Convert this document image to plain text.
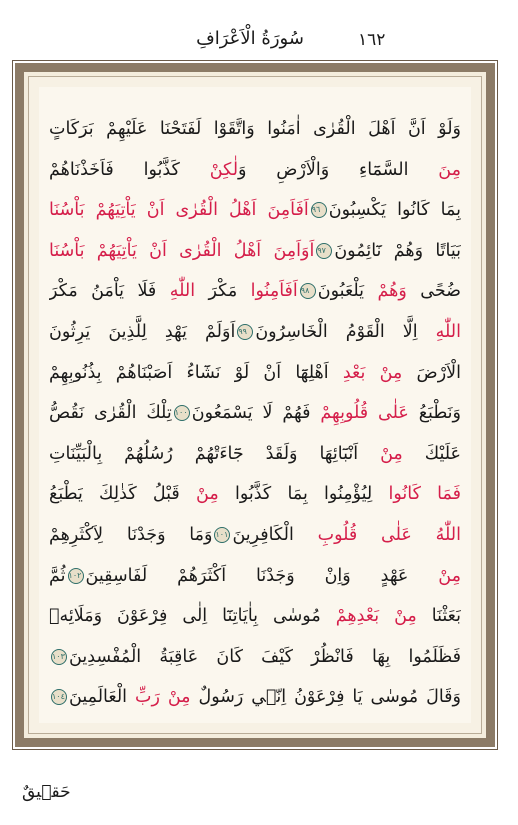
١٦٢
سُورَةُ الْاَعْرَافِ
وَلَوْ اَنَّ اَهْلَ الْقُرٰى اٰمَنُوا وَاتَّقَوْا لَفَتَحْنَا عَلَيْهِمْ بَرَكَاتٍ
مِنَ السَّمَٓاءِ وَالْاَرْضِ وَلٰكِنْ كَذَّبُوا فَاَخَذْنَاهُمْ
بِمَا كَانُوا يَكْسِبُونَ٩٦اَفَاَمِنَ اَهْلُ الْقُرٰى اَنْ يَاْتِيَهُمْ بَاْسُنَا
بَيَاتًا وَهُمْ نَٓائِمُونَ٩٧اَوَاَمِنَ اَهْلُ الْقُرٰى اَنْ يَاْتِيَهُمْ بَاْسُنَا
ضُحًى وَهُمْ يَلْعَبُونَ٩٨اَفَاَمِنُوا مَكْرَ اللّٰهِ فَلَا يَاْمَنُ مَكْرَ
اللّٰهِ اِلَّا الْقَوْمُ الْخَاسِرُونَ٩٩اَوَلَمْ يَهْدِ لِلَّذِينَ يَرِثُونَ
الْاَرْضَ مِنْ بَعْدِ اَهْلِهَٓا اَنْ لَوْ نَشَٓاءُ اَصَبْنَاهُمْ بِذُنُوبِهِمْ
وَنَطْبَعُ عَلٰى قُلُوبِهِمْ فَهُمْ لَا يَسْمَعُونَ١٠٠تِلْكَ الْقُرٰى نَقُصُّ
عَلَيْكَ مِنْ اَنْبَٓائِهَا وَلَقَدْ جَٓاءَتْهُمْ رُسُلُهُمْ بِالْبَيِّنَاتِ
فَمَا كَانُوا لِيُؤْمِنُوا بِمَا كَذَّبُوا مِنْ قَبْلُ كَذٰلِكَ يَطْبَعُ
اللّٰهُ عَلٰى قُلُوبِ الْكَافِرِينَ١٠١وَمَا وَجَدْنَا لِاَكْثَرِهِمْ
مِنْ عَهْدٍ وَاِنْ وَجَدْنَا اَكْثَرَهُمْ لَفَاسِقِينَ١٠٢ثُمَّ
بَعَثْنَا مِنْ بَعْدِهِمْ مُوسٰى بِاٰيَاتِنَٓا اِلٰى فِرْعَوْنَ وَمَلَائِه۪
فَظَلَمُوا بِهَا فَانْظُرْ كَيْفَ كَانَ عَاقِبَةُ الْمُفْسِدِينَ١٠٣
وَقَالَ مُوسٰى يَا فِرْعَوْنُ اِنّ۪ي رَسُولٌ مِنْ رَبِّ الْعَالَمِينَ١٠٤
حَق۪يقٌ
